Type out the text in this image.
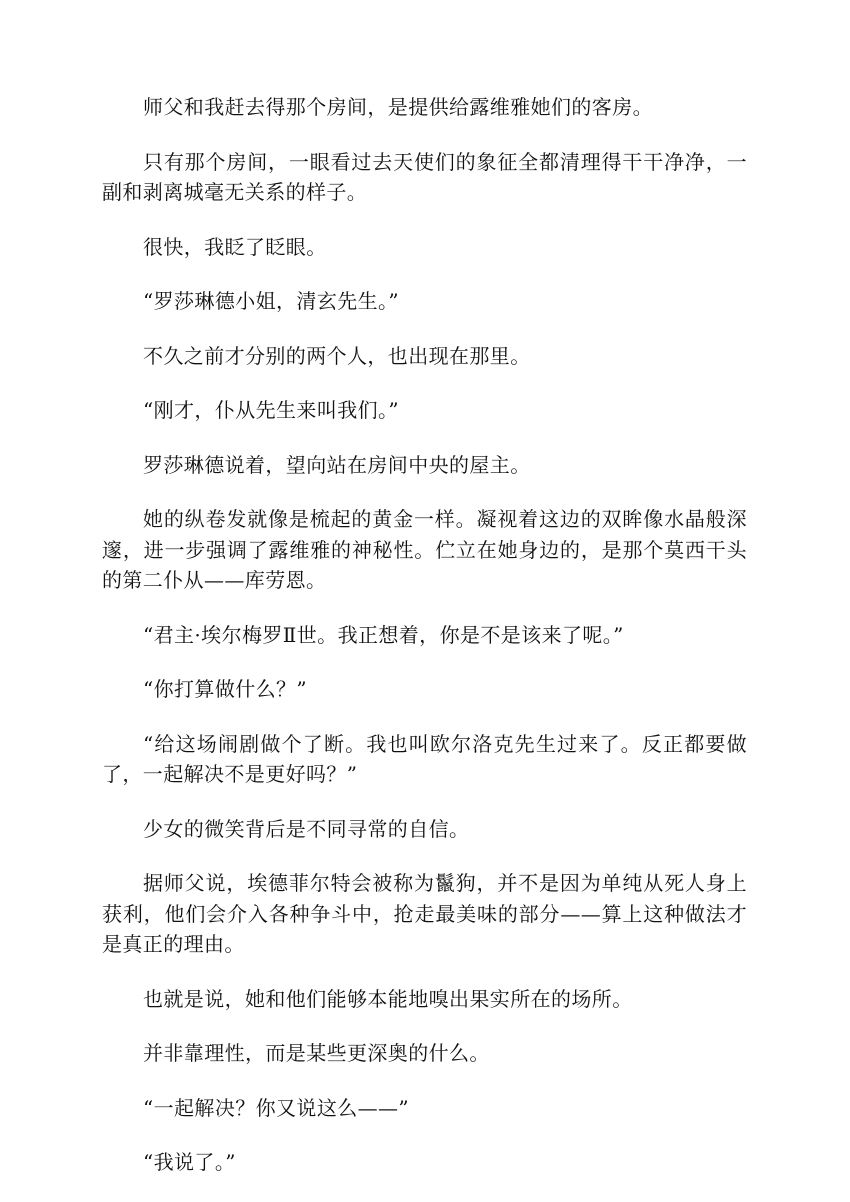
师父和我赶去得那个房间，是提供给露维雅她们的客房。

只有那个房间，一眼看过去天使们的象征全都清理得干干净净，一副和剥离城毫无关系的样子。

很快，我眨了眨眼。

“罗莎琳德小姐，清玄先生。”

不久之前才分别的两个人，也出现在那里。

“刚才，仆从先生来叫我们。”

罗莎琳德说着，望向站在房间中央的屋主。

她的纵卷发就像是梳起的黄金一样。凝视着这边的双眸像水晶般深邃，进一步强调了露维雅的神秘性。伫立在她身边的，是那个莫西干头的第二仆从——库劳恩。

“君主·埃尔梅罗Ⅱ世。我正想着，你是不是该来了呢。”

“你打算做什么？”

“给这场闹剧做个了断。我也叫欧尔洛克先生过来了。反正都要做了，一起解决不是更好吗？”

少女的微笑背后是不同寻常的自信。

据师父说，埃德菲尔特会被称为鬣狗，并不是因为单纯从死人身上获利，他们会介入各种争斗中，抢走最美味的部分——算上这种做法才是真正的理由。

也就是说，她和他们能够本能地嗅出果实所在的场所。

并非靠理性，而是某些更深奥的什么。

“一起解决？你又说这么——”

“我说了。”
